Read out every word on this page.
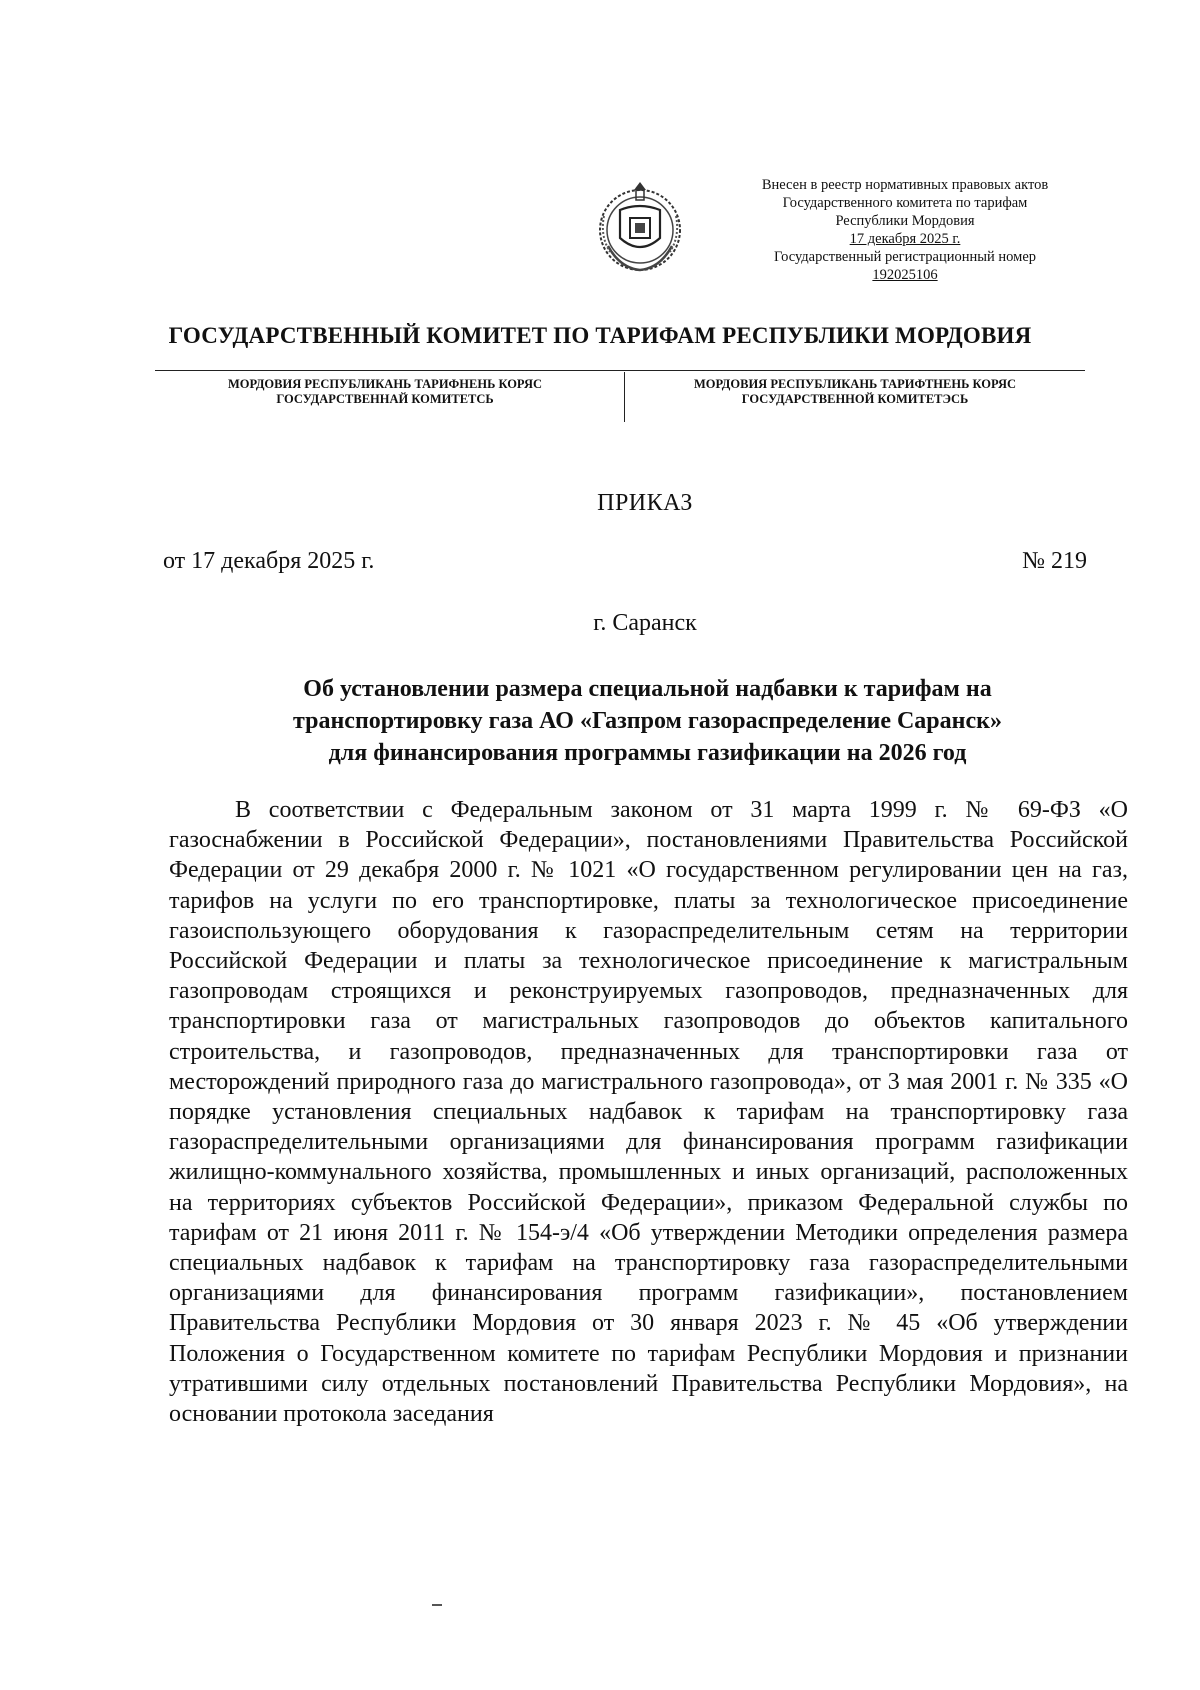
Внесен в реестр нормативных правовых актов
Государственного комитета по тарифам
Республики Мордовия
17 декабря 2025 г.
Государственный регистрационный номер
192025106
ГОСУДАРСТВЕННЫЙ КОМИТЕТ ПО ТАРИФАМ РЕСПУБЛИКИ МОРДОВИЯ
МОРДОВИЯ РЕСПУБЛИКАНЬ ТАРИФНЕНЬ КОРЯС
ГОСУДАРСТВЕННАЙ КОМИТЕТСЬ
МОРДОВИЯ РЕСПУБЛИКАНЬ ТАРИФТНЕНЬ КОРЯС
ГОСУДАРСТВЕННОЙ КОМИТЕТЭСЬ
ПРИКАЗ
от 17 декабря 2025 г.	№ 219
г. Саранск
Об установлении размера специальной надбавки к тарифам на
транспортировку газа АО «Газпром газораспределение Саранск»
для финансирования программы газификации на 2026 год
В соответствии с Федеральным законом от 31 марта 1999 г. № 69-ФЗ «О газоснабжении в Российской Федерации», постановлениями Правительства Российской Федерации от 29 декабря 2000 г. № 1021 «О государственном регулировании цен на газ, тарифов на услуги по его транспортировке, платы за технологическое присоединение газоиспользующего оборудования к газораспределительным сетям на территории Российской Федерации и платы за технологическое присоединение к магистральным газопроводам строящихся и реконструируемых газопроводов, предназначенных для транспортировки газа от магистральных газопроводов до объектов капитального строительства, и газопроводов, предназначенных для транспортировки газа от месторождений природного газа до магистрального газопровода», от 3 мая 2001 г. № 335 «О порядке установления специальных надбавок к тарифам на транспортировку газа газораспределительными организациями для финансирования программ газификации жилищно-коммунального хозяйства, промышленных и иных организаций, расположенных на территориях субъектов Российской Федерации», приказом Федеральной службы по тарифам от 21 июня 2011 г. № 154-э/4 «Об утверждении Методики определения размера специальных надбавок к тарифам на транспортировку газа газораспределительными организациями для финансирования программ газификации», постановлением Правительства Республики Мордовия от 30 января 2023 г. № 45 «Об утверждении Положения о Государственном комитете по тарифам Республики Мордовия и признании утратившими силу отдельных постановлений Правительства Республики Мордовия», на основании протокола заседания
